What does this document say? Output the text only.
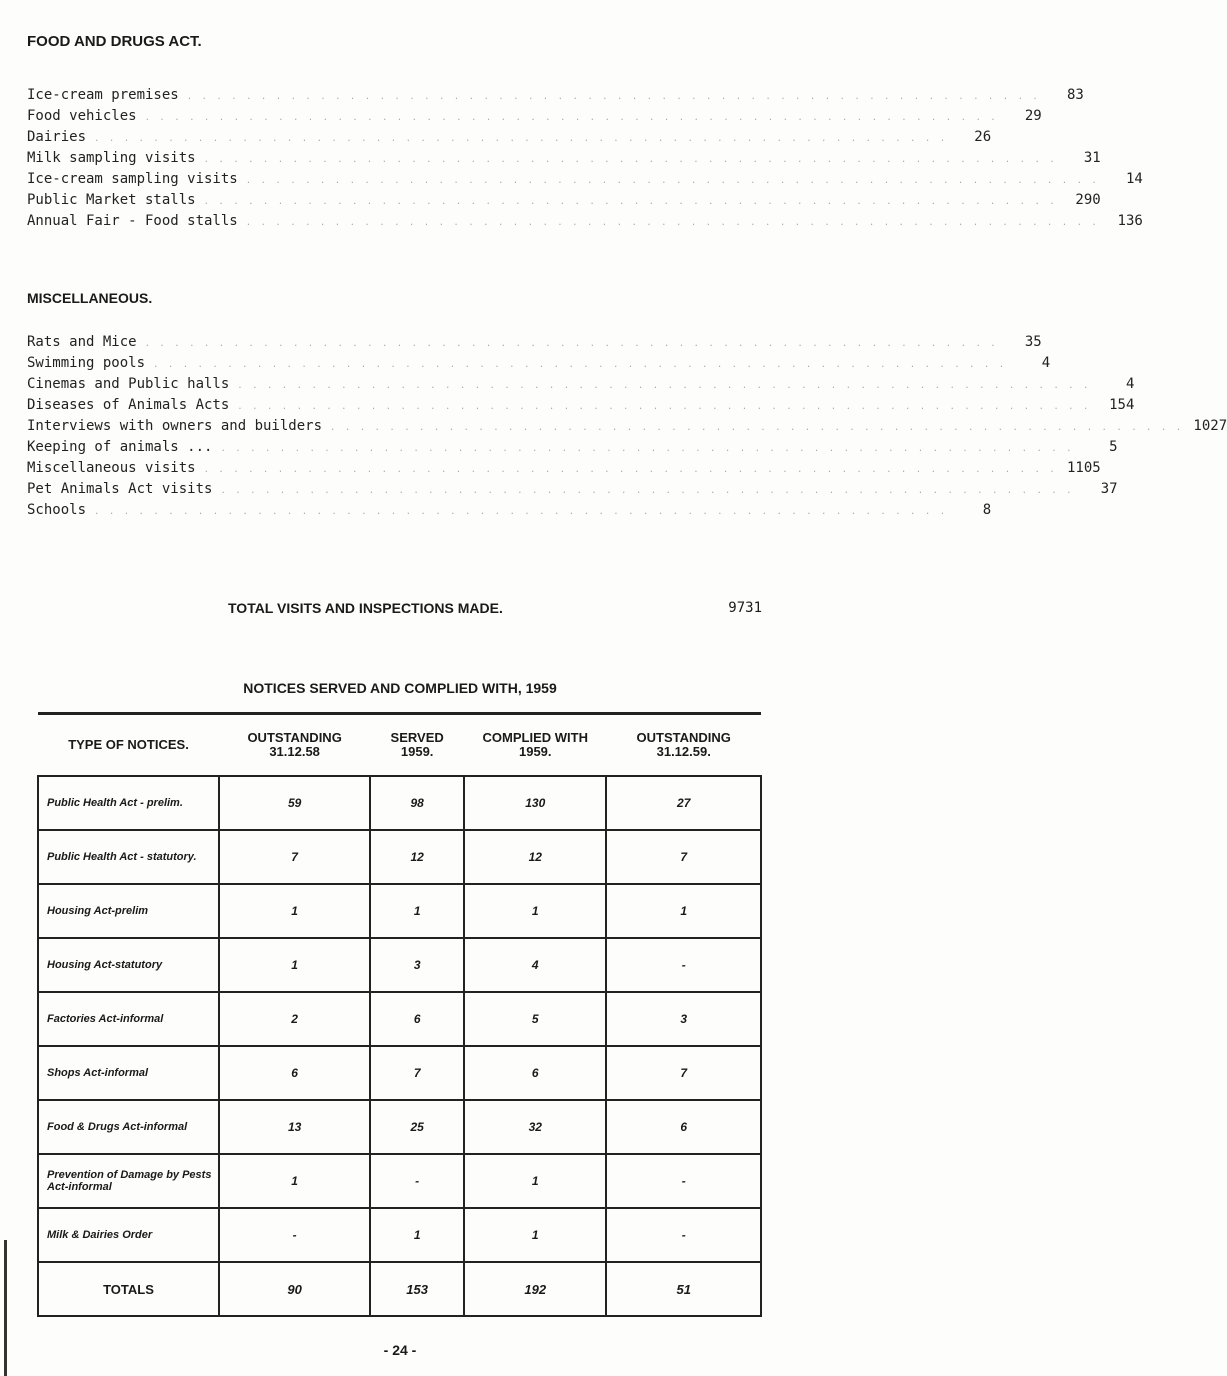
FOOD AND DRUGS ACT.
Ice-cream premises . . . . . . . . . . . . . . . . . . . . . . . . . . . . . . . . . . . . . . . . . . . . . . . . . . . . . . . . . .	83
Food vehicles . . . . . . . . . . . . . . . . . . . . . . . . . . . . . . . . . . . . . . . . . . . . . . . . . . . . . . . . . .	29
Dairies . . . . . . . . . . . . . . . . . . . . . . . . . . . . . . . . . . . . . . . . . . . . . . . . . . . . . . . . . .	26
Milk sampling visits . . . . . . . . . . . . . . . . . . . . . . . . . . . . . . . . . . . . . . . . . . . . . . . . . . . . . . . . . .	31
Ice-cream sampling visits . . . . . . . . . . . . . . . . . . . . . . . . . . . . . . . . . . . . . . . . . . . . . . . . . . . . . . . . . .	14
Public Market stalls . . . . . . . . . . . . . . . . . . . . . . . . . . . . . . . . . . . . . . . . . . . . . . . . . . . . . . . . . .	290
Annual Fair - Food stalls . . . . . . . . . . . . . . . . . . . . . . . . . . . . . . . . . . . . . . . . . . . . . . . . . . . . . . . . . .	136
MISCELLANEOUS.
Rats and Mice . . . . . . . . . . . . . . . . . . . . . . . . . . . . . . . . . . . . . . . . . . . . . . . . . . . . . . . . . .	35
Swimming pools . . . . . . . . . . . . . . . . . . . . . . . . . . . . . . . . . . . . . . . . . . . . . . . . . . . . . . . . . .	4
Cinemas and Public halls . . . . . . . . . . . . . . . . . . . . . . . . . . . . . . . . . . . . . . . . . . . . . . . . . . . . . . . . . .	4
Diseases of Animals Acts . . . . . . . . . . . . . . . . . . . . . . . . . . . . . . . . . . . . . . . . . . . . . . . . . . . . . . . . . .	154
Interviews with owners and builders . . . . . . . . . . . . . . . . . . . . . . . . . . . . . . . . . . . . . . . . . . . . . . . . . . . . . . . . . . 1027
Keeping of animals ... . . . . . . . . . . . . . . . . . . . . . . . . . . . . . . . . . . . . . . . . . . . . . . . . . . . . . . . . . .	5
Miscellaneous visits . . . . . . . . . . . . . . . . . . . . . . . . . . . . . . . . . . . . . . . . . . . . . . . . . . . . . . . . . . 1105
Pet Animals Act visits . . . . . . . . . . . . . . . . . . . . . . . . . . . . . . . . . . . . . . . . . . . . . . . . . . . . . . . . . .	37
Schools . . . . . . . . . . . . . . . . . . . . . . . . . . . . . . . . . . . . . . . . . . . . . . . . . . . . . . . . . .	8
TOTAL VISITS AND INSPECTIONS MADE.	9731
NOTICES SERVED AND COMPLIED WITH, 1959
TYPE OF NOTICES.	OUTSTANDING 31.12.58	SERVED 1959.	COMPLIED WITH 1959.	OUTSTANDING 31.12.59.
Public Health Act - prelim.	59	98	130	27
Public Health Act - statutory.	7	12	12	7
Housing Act-prelim	1	1	1	1
Housing Act-statutory	1	3	4	-
Factories Act-informal	2	6	5	3
Shops Act-informal	6	7	6	7
Food & Drugs Act-informal	13	25	32	6
Prevention of Damage by Pests Act-informal	1	-	1	-
Milk & Dairies Order	-	1	1	-
TOTALS	90	153	192	51
- 24 -
